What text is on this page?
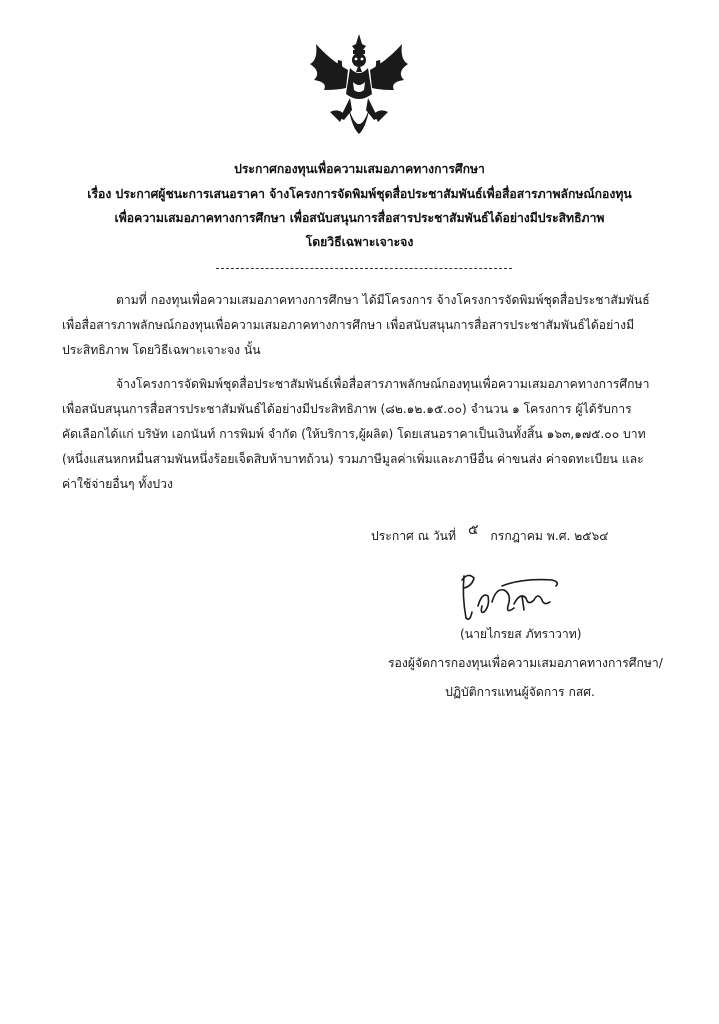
ประกาศกองทุนเพื่อความเสมอภาคทางการศึกษา
เรื่อง ประกาศผู้ชนะการเสนอราคา จ้างโครงการจัดพิมพ์ชุดสื่อประชาสัมพันธ์เพื่อสื่อสารภาพลักษณ์กองทุน
เพื่อความเสมอภาคทางการศึกษา เพื่อสนับสนุนการสื่อสารประชาสัมพันธ์ได้อย่างมีประสิทธิภาพ
โดยวิธีเฉพาะเจาะจง
ตามที่ กองทุนเพื่อความเสมอภาคทางการศึกษา ได้มีโครงการ จ้างโครงการจัดพิมพ์ชุดสื่อประชาสัมพันธ์
เพื่อสื่อสารภาพลักษณ์กองทุนเพื่อความเสมอภาคทางการศึกษา เพื่อสนับสนุนการสื่อสารประชาสัมพันธ์ได้อย่างมี
ประสิทธิภาพ โดยวิธีเฉพาะเจาะจง นั้น
จ้างโครงการจัดพิมพ์ชุดสื่อประชาสัมพันธ์เพื่อสื่อสารภาพลักษณ์กองทุนเพื่อความเสมอภาคทางการศึกษา
เพื่อสนับสนุนการสื่อสารประชาสัมพันธ์ได้อย่างมีประสิทธิภาพ (๘๒.๑๒.๑๕.๐๐) จำนวน ๑ โครงการ ผู้ได้รับการ
คัดเลือกได้แก่ บริษัท เอกนันท์ การพิมพ์ จำกัด (ให้บริการ,ผู้ผลิต) โดยเสนอราคาเป็นเงินทั้งสิ้น ๑๖๓,๑๗๕.๐๐ บาท
(หนึ่งแสนหกหมื่นสามพันหนึ่งร้อยเจ็ดสิบห้าบาทถ้วน) รวมภาษีมูลค่าเพิ่มและภาษีอื่น ค่าขนส่ง ค่าจดทะเบียน และ
ค่าใช้จ่ายอื่นๆ ทั้งปวง
ประกาศ ณ วันที่ ๕ กรกฎาคม พ.ศ. ๒๕๖๔
(นายไกรยส ภัทราวาท)
รองผู้จัดการกองทุนเพื่อความเสมอภาคทางการศึกษา/
ปฏิบัติการแทนผู้จัดการ กสศ.
